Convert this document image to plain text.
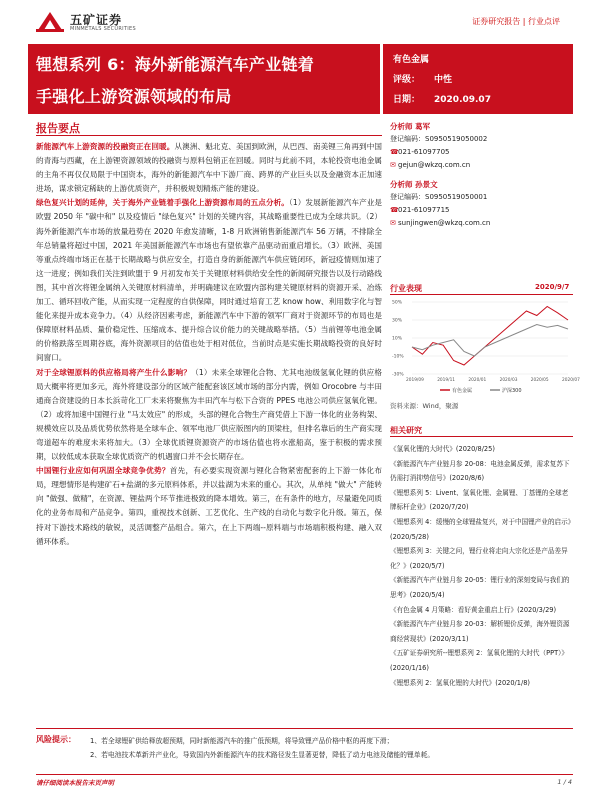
五矿证券
MINMETALS SECURITIES
证券研究报告 | 行业点评
锂想系列 6：海外新能源汽车产业链着
手强化上游资源领域的布局
有色金属
评级： 中性
日期： 2020.09.07
报告要点

新能源汽车上游资源的投融资正在回暖。从澳洲、魁北克、美国到欧洲，从巴西、南美锂三角再到中国的青海与西藏，在上游锂资源领域的投融资与原料包销正在回暖。同时与此前不同，本轮投资电池金属的主角不再仅仅局限于中国资本，海外的新能源汽车中下游厂商、跨界的产业巨头以及金融资本正加速进场，谋求锁定稀缺的上游优质资产，并积极规划精炼产能的建设。

绿色复兴计划的延伸，关于海外产业链着手强化上游资源布局的五点分析。（1）发展新能源汽车产业是欧盟 2050 年 "碳中和" 以及疫情后 "绿色复兴" 计划的关键内容，其战略重要性已成为全球共识。（2）海外新能源汽车市场的放量趋势在 2020 年愈发清晰，1-8 月欧洲销售新能源汽车 56 万辆，不排除全年总销量将超过中国，2021 年美国新能源汽车市场也有望依靠产品驱动而重启增长。（3）欧洲、美国等重点终端市场正在基于长期战略与供应安全，打造自身的新能源汽车供应链闭环，新冠疫情则加速了这一进度；例如我们关注到欧盟于 9 月初发布关于关键原材料供给安全性的新闻研究报告以及行动路线图，其中首次将锂金属纳入关键原材料清单，并明确建议在欧盟内部构建关键原材料的资源开采、冶炼加工、循环回收产能，从而实现一定程度的自供保障，同时通过培育工艺 know how、利用数字化与智能化来提升成本竞争力。（4）从经济因素考虑，新能源汽车中下游的领军厂商对于资源环节的布局也是保障原材料品质、量价稳定性、压缩成本、提升综合议价能力的关键战略举措。（5）当前锂等电池金属的价格跌落至周期谷底，海外资源项目的估值也处于相对低位，当前时点是实施长期战略投资的良好时间窗口。

对于全球锂原料的供应格局将产生什么影响？（1）未来全球锂化合物、尤其电池级氢氧化锂的供应格局大概率将更加多元，海外将建设部分的区域产能配套该区域市场的部分内需，例如 Orocobre 与丰田通商合资建设的日本长浜苛化工厂未来将聚焦为丰田汽车与松下合资的 PPES 电池公司供应氢氧化锂。（2）或将加速中国锂行业 "马太效应" 的形成，头部的锂化合物生产商凭借上下游一体化的业务构架、规模效应以及品质优势依然将是全球车企、领军电池厂供应版图内的顶梁柱，但排名靠后的生产商实现弯道超车的难度未来将加大。（3）全球优质锂资源资产的市场估值也将水涨船高，鉴于积极的需求预期，以较低成本获取全球优质资产的机遇窗口并不会长期存在。

中国锂行业应如何巩固全球竞争优势？首先，有必要实现资源与锂化合物紧密配套的上下游一体化布局，理想情形是构建矿石+盐湖的多元原料体系，并以盐湖为未来的重心。其次，从单纯 "做大" 产能转向 "做强、做精"，在资源、锂盐两个环节推进极致的降本增效。第三，在有条件的地方，尽量避免同质化的业务布局和产品竞争。第四，重视技术创新、工艺优化、生产线的自动化与数字化升级。第五，保持对下游技术路线的敏锐，灵活调整产品组合。第六，在上下两端--原料端与市场端积极构建、融入双循环体系。

分析师 葛军
登记编码：S0950519050002
☎021-61097705
✉ gejun@wkzq.com.cn
分析师 孙景文
登记编码：S0950519050001
☎021-61097715
✉ sunjingwen@wkzq.com.cn
行业表现	2020/9/7
50%
30%
10%
-10%
-30%
2019/09	2019/11	2020/01	2020/03	2020/05	2020/07
有色金属	沪深300
资料来源：Wind，聚源
相关研究
《氢氧化锂的大时代》(2020/8/25)
《新能源汽车产业链月参 20-08：电池金属反弹，需求复苏下仍需打消抑势信号》(2020/8/6)
《锂想系列 5：Livent、氢氧化锂、金属锂、丁基锂的全球老牌标杆企业》(2020/7/20)
《锂想系列 4：缓慢的全球锂盐复兴，对于中国锂产业的启示》(2020/5/28)
《锂想系列 3：关键之问，锂行业将走向大宗化还是产品差异化？》(2020/5/7)
《新能源汽车产业链月参 20-05：锂行业的深刻变局与我们的思考》(2020/5/4)
《有色金属 4 月策略：看好黄金重启上行》(2020/3/29)
《新能源汽车产业链月参 20-03：解析锂价反弹，海外锂资源商经营现状》(2020/3/11)
《五矿证券研究所--锂想系列 2：氢氧化锂的大时代（PPT）》(2020/1/16)
《锂想系列 2：氢氧化锂的大时代》(2020/1/8)
风险提示： 1、若全球锂矿供给释放超预期，同时新能源汽车的推广低预期，将导致锂产品价格中枢的再度下滑；
2、若电池技术革新并产业化，导致国内外新能源汽车的技术路径发生显著更替，降低了动力电池及储能的锂单耗。
请仔细阅读本报告末页声明	1 / 4
